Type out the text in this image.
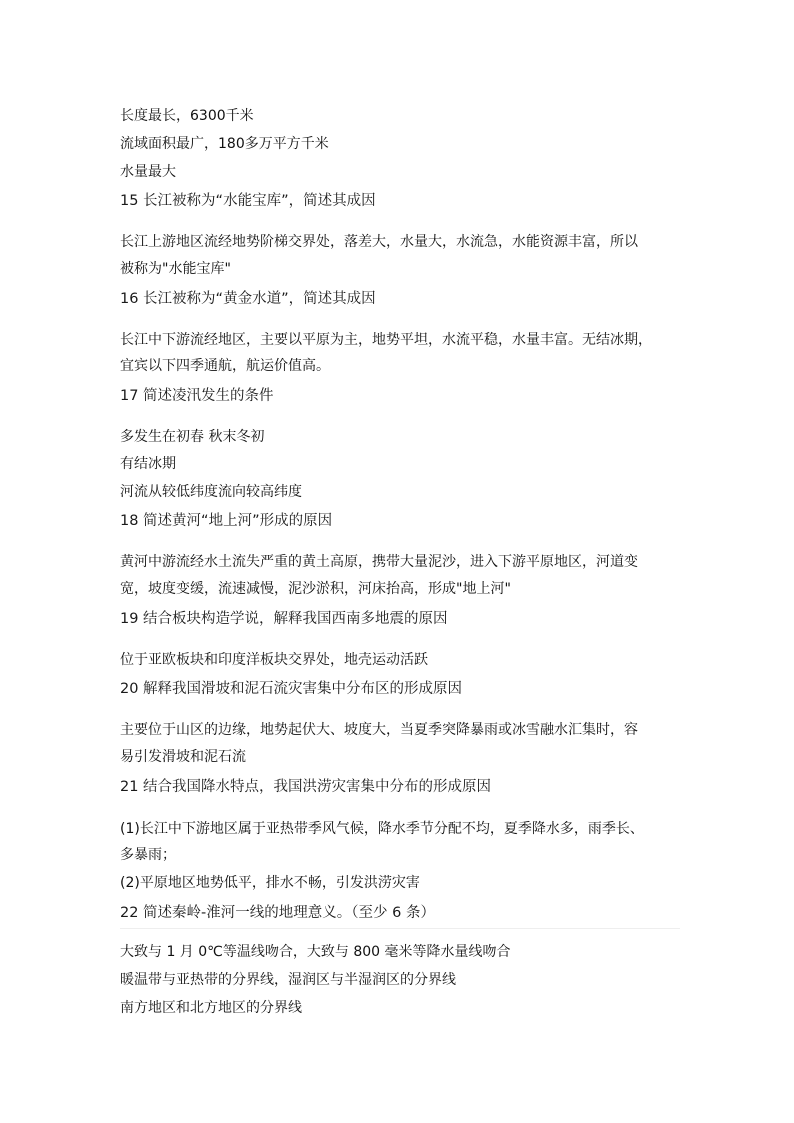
长度最长，6300千米
流域面积最广，180多万平方千米
水量最大
15 长江被称为“水能宝库”，简述其成因
长江上游地区流经地势阶梯交界处，落差大，水量大，水流急，水能资源丰富，所以
被称为"水能宝库"
16 长江被称为“黄金水道”，简述其成因
长江中下游流经地区，主要以平原为主，地势平坦，水流平稳，水量丰富。无结冰期，
宜宾以下四季通航，航运价值高。
17 简述凌汛发生的条件
多发生在初春 秋末冬初
有结冰期
河流从较低纬度流向较高纬度
18 简述黄河“地上河”形成的原因
黄河中游流经水土流失严重的黄土高原，携带大量泥沙，进入下游平原地区，河道变
宽，坡度变缓，流速减慢，泥沙淤积，河床抬高，形成"地上河"
19 结合板块构造学说，解释我国西南多地震的原因
位于亚欧板块和印度洋板块交界处，地壳运动活跃
20 解释我国滑坡和泥石流灾害集中分布区的形成原因
主要位于山区的边缘，地势起伏大、坡度大，当夏季突降暴雨或冰雪融水汇集时，容
易引发滑坡和泥石流
21 结合我国降水特点，我国洪涝灾害集中分布的形成原因
(1)长江中下游地区属于亚热带季风气候，降水季节分配不均，夏季降水多，雨季长、
多暴雨；
(2)平原地区地势低平，排水不畅，引发洪涝灾害
22 简述秦岭-淮河一线的地理意义。（至少 6 条）
大致与 1 月 0℃等温线吻合，大致与 800 毫米等降水量线吻合
暖温带与亚热带的分界线，湿润区与半湿润区的分界线
南方地区和北方地区的分界线
